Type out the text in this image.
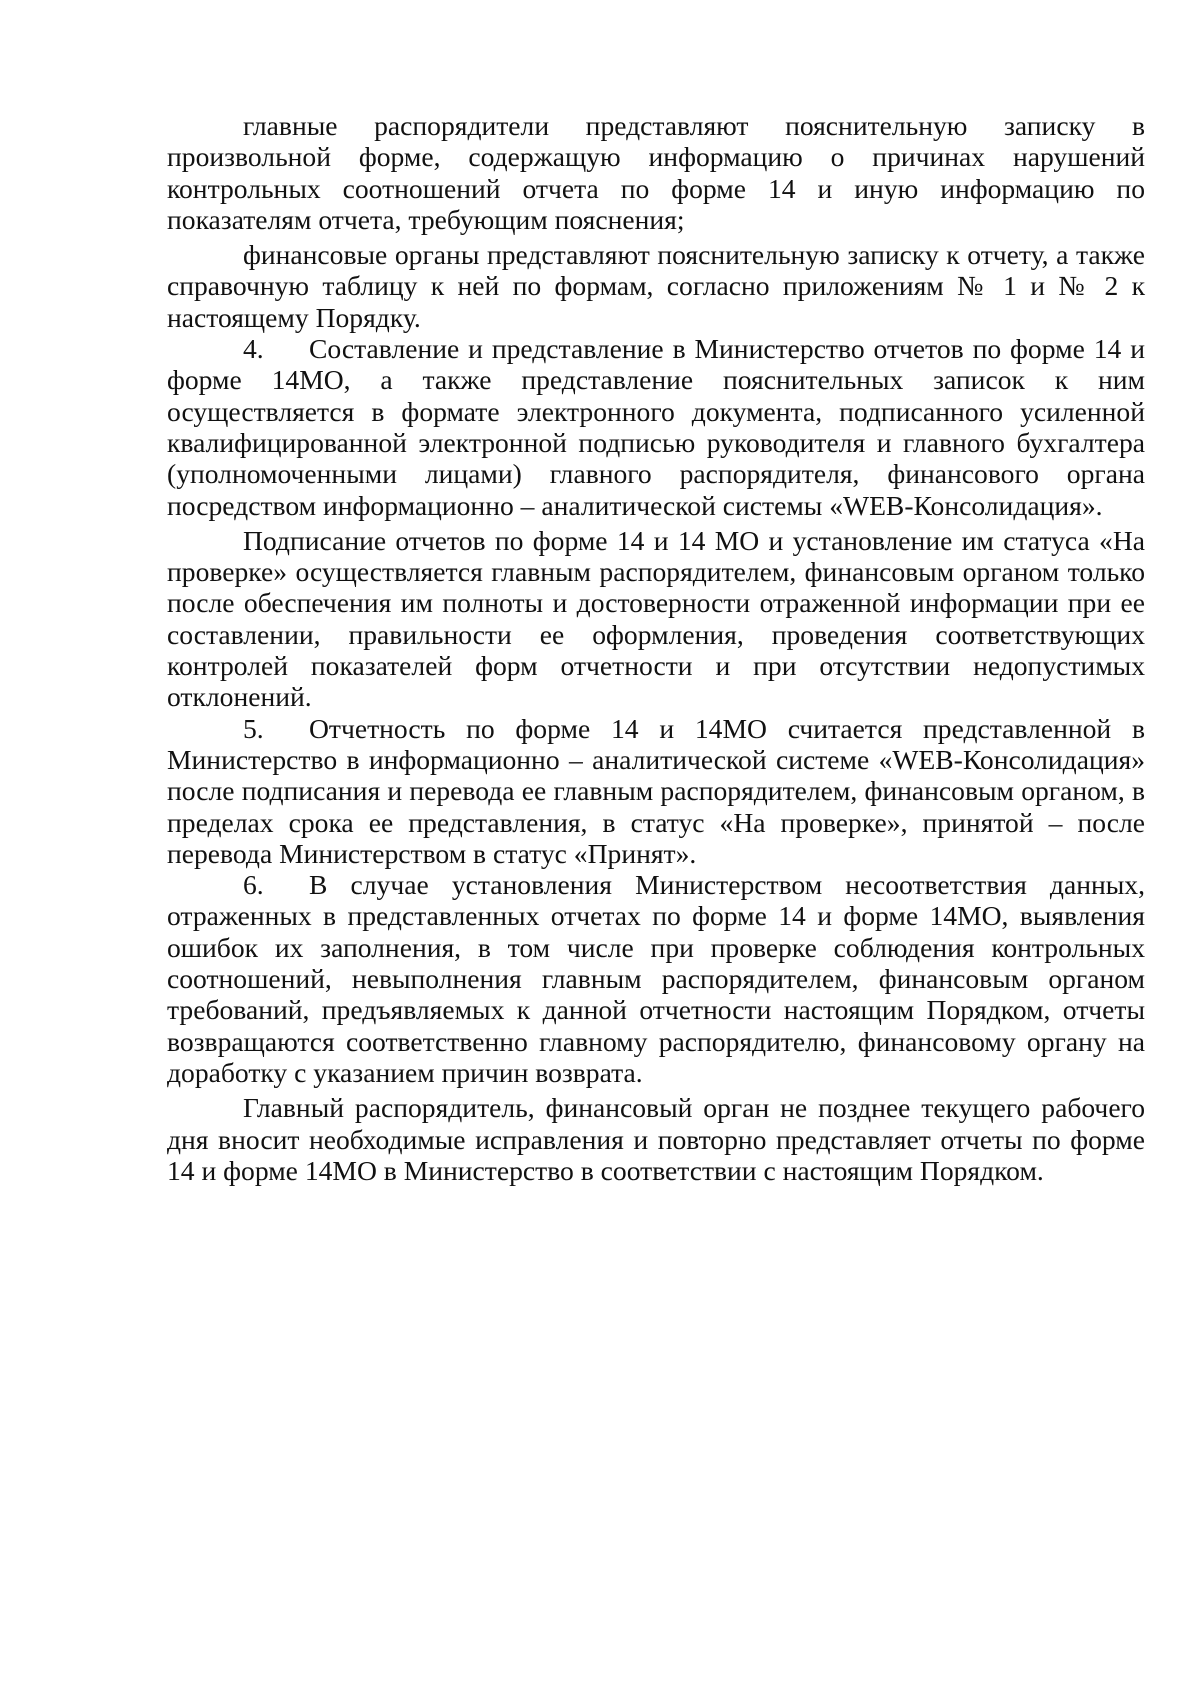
главные распорядители представляют пояснительную записку в произвольной форме, содержащую информацию о причинах нарушений контрольных соотношений отчета по форме 14 и иную информацию по показателям отчета, требующим пояснения;

финансовые органы представляют пояснительную записку к отчету, а также справочную таблицу к ней по формам, согласно приложениям № 1 и № 2 к настоящему Порядку.

4. Составление и представление в Министерство отчетов по форме 14 и форме 14МО, а также представление пояснительных записок к ним осуществляется в формате электронного документа, подписанного усиленной квалифицированной электронной подписью руководителя и главного бухгалтера (уполномоченными лицами) главного распорядителя, финансового органа посредством информационно – аналитической системы «WEB-Консолидация».

Подписание отчетов по форме 14 и 14 МО и установление им статуса «На проверке» осуществляется главным распорядителем, финансовым органом только после обеспечения им полноты и достоверности отраженной информации при ее составлении, правильности ее оформления, проведения соответствующих контролей показателей форм отчетности и при отсутствии недопустимых отклонений.

5. Отчетность по форме 14 и 14МО считается представленной в Министерство в информационно – аналитической системе «WEB-Консолидация» после подписания и перевода ее главным распорядителем, финансовым органом, в пределах срока ее представления, в статус «На проверке», принятой – после перевода Министерством в статус «Принят».

6. В случае установления Министерством несоответствия данных, отраженных в представленных отчетах по форме 14 и форме 14МО, выявления ошибок их заполнения, в том числе при проверке соблюдения контрольных соотношений, невыполнения главным распорядителем, финансовым органом требований, предъявляемых к данной отчетности настоящим Порядком, отчеты возвращаются соответственно главному распорядителю, финансовому органу на доработку с указанием причин возврата.

Главный распорядитель, финансовый орган не позднее текущего рабочего дня вносит необходимые исправления и повторно представляет отчеты по форме 14 и форме 14МО в Министерство в соответствии с настоящим Порядком.
